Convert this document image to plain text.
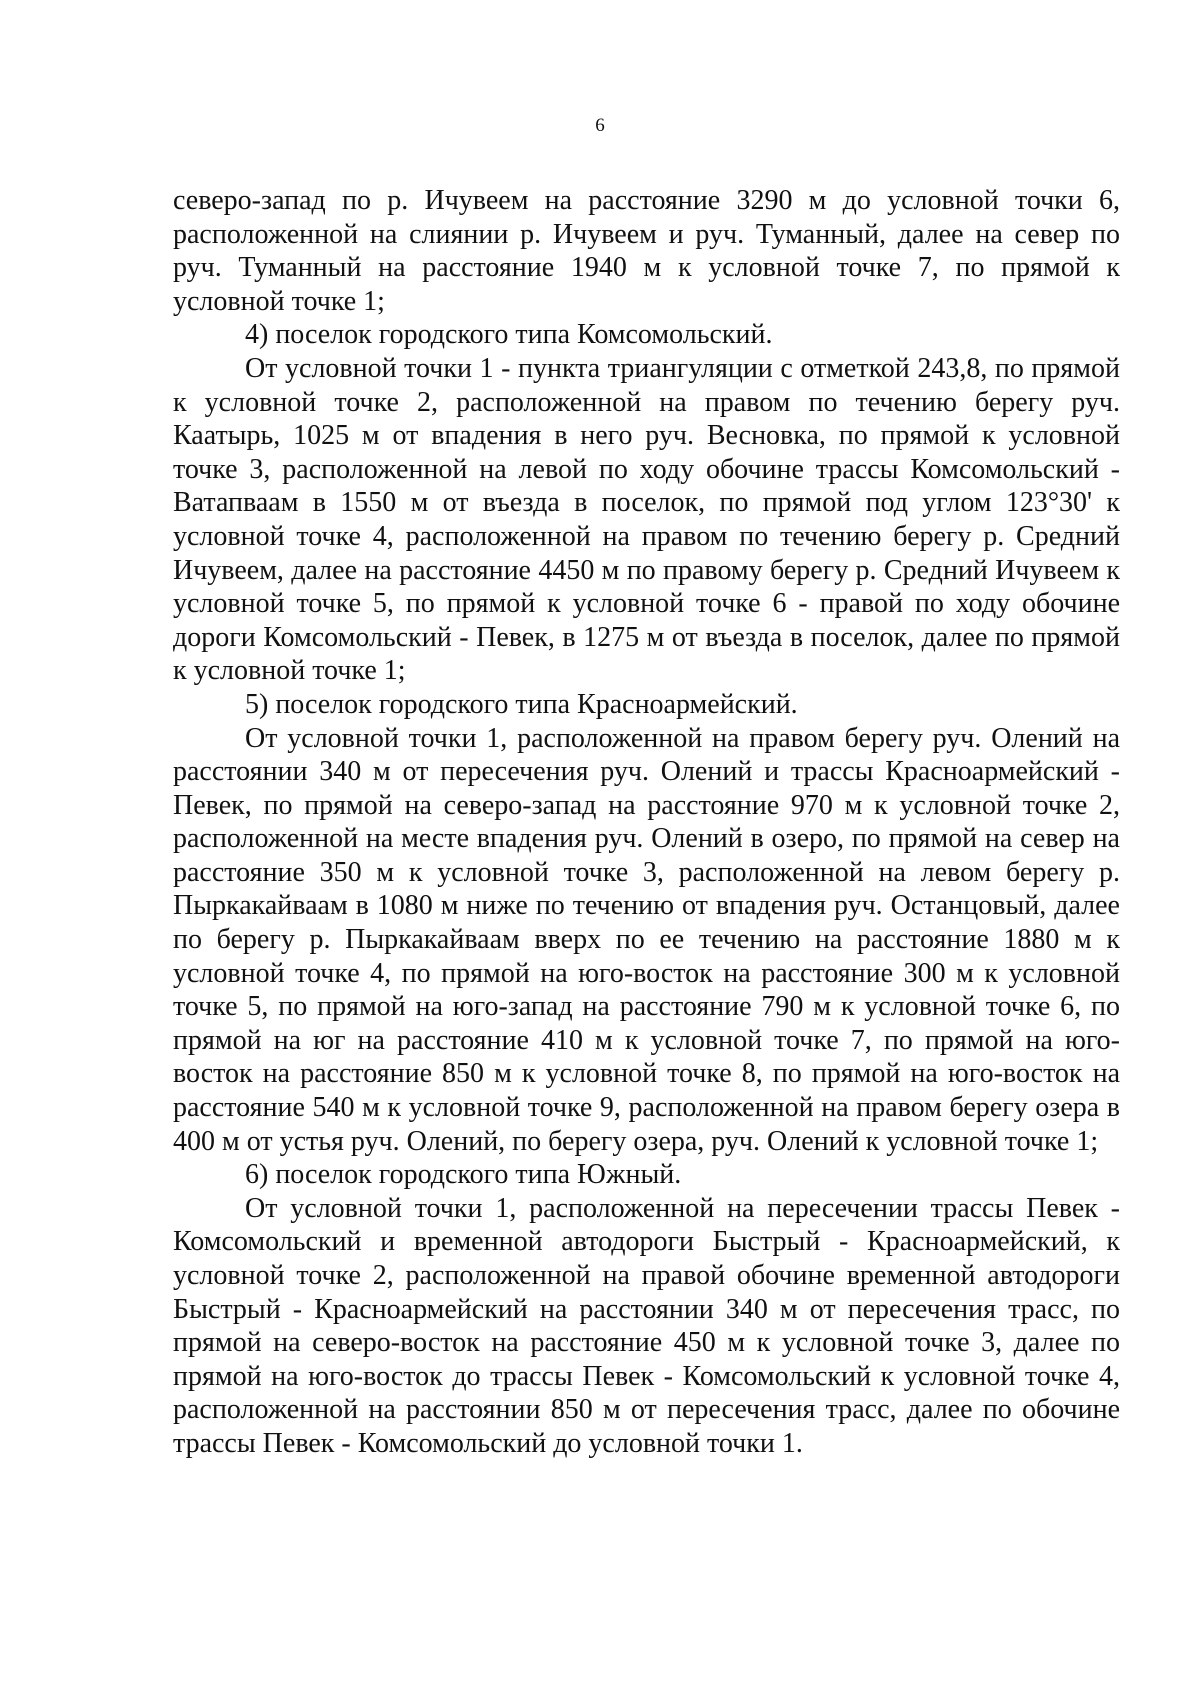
6

северо-запад по р. Ичувеем на расстояние 3290 м до условной точки 6, расположенной на слиянии р. Ичувеем и руч. Туманный, далее на север по руч. Туманный на расстояние 1940 м к условной точке 7, по прямой к условной точке 1;

4) поселок городского типа Комсомольский.

От условной точки 1 - пункта триангуляции с отметкой 243,8, по прямой к условной точке 2, расположенной на правом по течению берегу руч. Каатырь, 1025 м от впадения в него руч. Весновка, по прямой к условной точке 3, расположенной на левой по ходу обочине трассы Комсомольский - Ватапваам в 1550 м от въезда в поселок, по прямой под углом 123°30' к условной точке 4, расположенной на правом по течению берегу р. Средний Ичувеем, далее на расстояние 4450 м по правому берегу р. Средний Ичувеем к условной точке 5, по прямой к условной точке 6 - правой по ходу обочине дороги Комсомольский - Певек, в 1275 м от въезда в поселок, далее по прямой к условной точке 1;

5) поселок городского типа Красноармейский.

От условной точки 1, расположенной на правом берегу руч. Олений на расстоянии 340 м от пересечения руч. Олений и трассы Красноармейский - Певек, по прямой на северо-запад на расстояние 970 м к условной точке 2, расположенной на месте впадения руч. Олений в озеро, по прямой на север на расстояние 350 м к условной точке 3, расположенной на левом берегу р. Пыркакайваам в 1080 м ниже по течению от впадения руч. Останцовый, далее по берегу р. Пыркакайваам вверх по ее течению на расстояние 1880 м к условной точке 4, по прямой на юго-восток на расстояние 300 м к условной точке 5, по прямой на юго-запад на расстояние 790 м к условной точке 6, по прямой на юг на расстояние 410 м к условной точке 7, по прямой на юго-восток на расстояние 850 м к условной точке 8, по прямой на юго-восток на расстояние 540 м к условной точке 9, расположенной на правом берегу озера в 400 м от устья руч. Олений, по берегу озера, руч. Олений к условной точке 1;

6) поселок городского типа Южный.

От условной точки 1, расположенной на пересечении трассы Певек - Комсомольский и временной автодороги Быстрый - Красноармейский, к условной точке 2, расположенной на правой обочине временной автодороги Быстрый - Красноармейский на расстоянии 340 м от пересечения трасс, по прямой на северо-восток на расстояние 450 м к условной точке 3, далее по прямой на юго-восток до трассы Певек - Комсомольский к условной точке 4, расположенной на расстоянии 850 м от пересечения трасс, далее по обочине трассы Певек - Комсомольский до условной точки 1.
